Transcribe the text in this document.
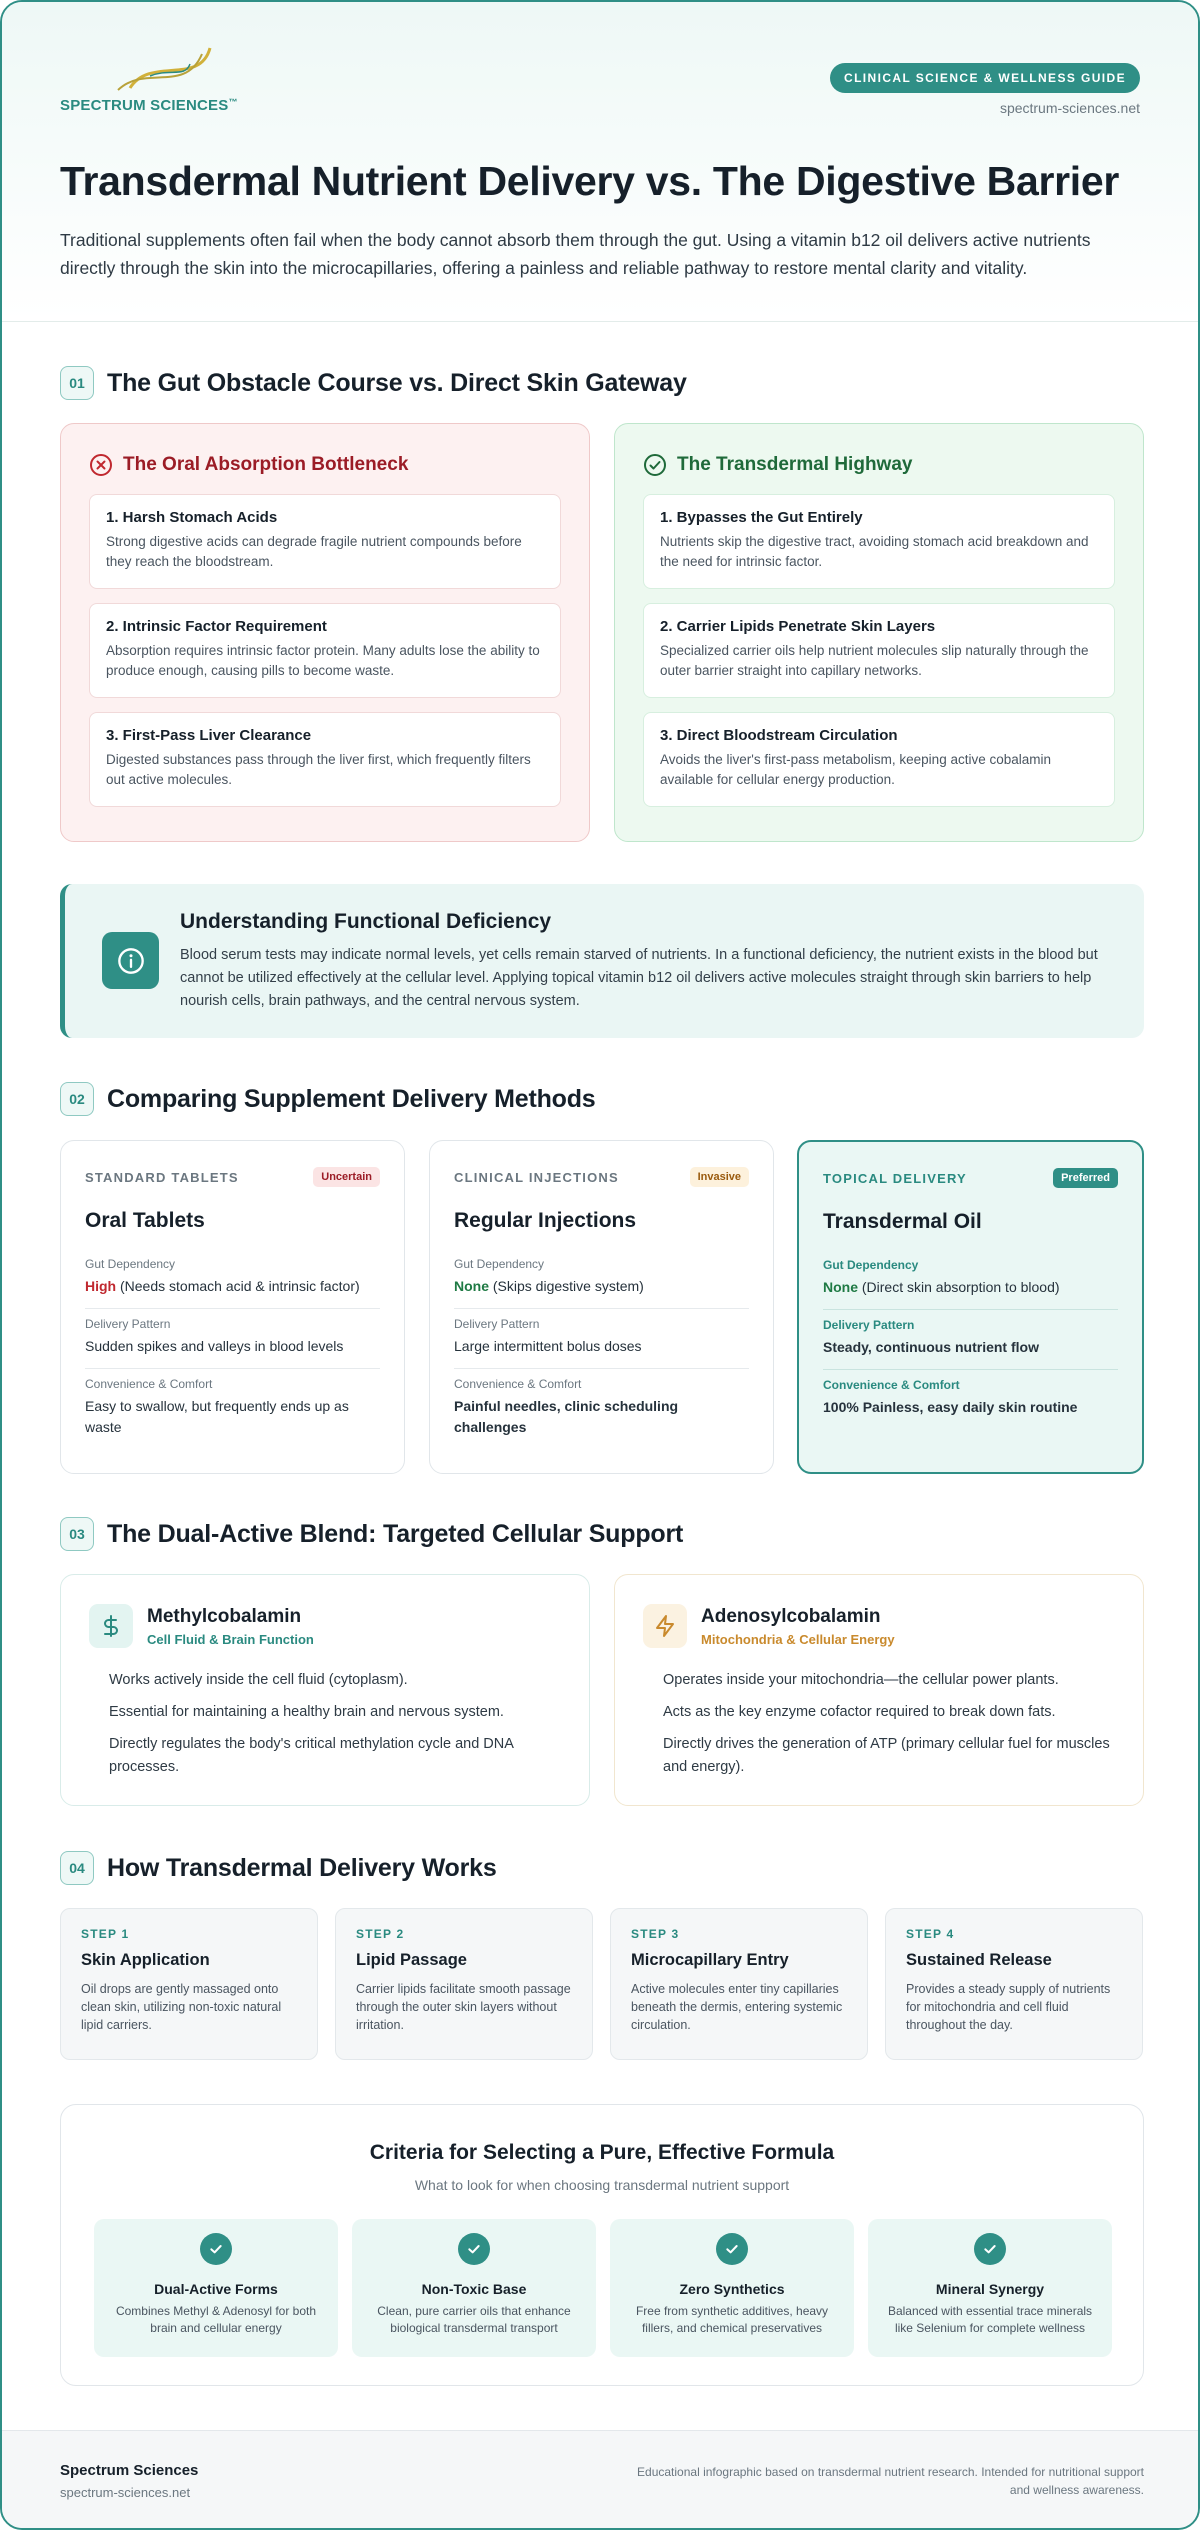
SPECTRUM SCIENCES™
CLINICAL SCIENCE & WELLNESS GUIDE
spectrum-sciences.net
Transdermal Nutrient Delivery vs. The Digestive Barrier

Traditional supplements often fail when the body cannot absorb them through the gut. Using a vitamin b12 oil delivers active nutrients directly through the skin into the microcapillaries, offering a painless and reliable pathway to restore mental clarity and vitality.

01 The Gut Obstacle Course vs. Direct Skin Gateway
The Oral Absorption Bottleneck
1. Harsh Stomach Acids

Strong digestive acids can degrade fragile nutrient compounds before they reach the bloodstream.

2. Intrinsic Factor Requirement

Absorption requires intrinsic factor protein. Many adults lose the ability to produce enough, causing pills to become waste.

3. First-Pass Liver Clearance

Digested substances pass through the liver first, which frequently filters out active molecules.

The Transdermal Highway
1. Bypasses the Gut Entirely

Nutrients skip the digestive tract, avoiding stomach acid breakdown and the need for intrinsic factor.

2. Carrier Lipids Penetrate Skin Layers

Specialized carrier oils help nutrient molecules slip naturally through the outer barrier straight into capillary networks.

3. Direct Bloodstream Circulation

Avoids the liver's first-pass metabolism, keeping active cobalamin available for cellular energy production.

Understanding Functional Deficiency

Blood serum tests may indicate normal levels, yet cells remain starved of nutrients. In a functional deficiency, the nutrient exists in the blood but cannot be utilized effectively at the cellular level. Applying topical vitamin b12 oil delivers active molecules straight through skin barriers to help nourish cells, brain pathways, and the central nervous system.

02 Comparing Supplement Delivery Methods
STANDARD TABLETS	Uncertain
Oral Tablets
Gut Dependency
High (Needs stomach acid & intrinsic factor)
Delivery Pattern
Sudden spikes and valleys in blood levels
Convenience & Comfort
Easy to swallow, but frequently ends up as waste
CLINICAL INJECTIONS	Invasive
Regular Injections
Gut Dependency
None (Skips digestive system)
Delivery Pattern
Large intermittent bolus doses
Convenience & Comfort
Painful needles, clinic scheduling challenges
TOPICAL DELIVERY	Preferred
Transdermal Oil
Gut Dependency
None (Direct skin absorption to blood)
Delivery Pattern
Steady, continuous nutrient flow
Convenience & Comfort
100% Painless, easy daily skin routine
03 The Dual-Active Blend: Targeted Cellular Support
Methylcobalamin
Cell Fluid & Brain Function
Works actively inside the cell fluid (cytoplasm).
Essential for maintaining a healthy brain and nervous system.
Directly regulates the body's critical methylation cycle and DNA processes.
Adenosylcobalamin
Mitochondria & Cellular Energy
Operates inside your mitochondria—the cellular power plants.
Acts as the key enzyme cofactor required to break down fats.
Directly drives the generation of ATP (primary cellular fuel for muscles and energy).
04 How Transdermal Delivery Works
STEP 1
Skin Application

Oil drops are gently massaged onto clean skin, utilizing non-toxic natural lipid carriers.

STEP 2
Lipid Passage

Carrier lipids facilitate smooth passage through the outer skin layers without irritation.

STEP 3
Microcapillary Entry

Active molecules enter tiny capillaries beneath the dermis, entering systemic circulation.

STEP 4
Sustained Release

Provides a steady supply of nutrients for mitochondria and cell fluid throughout the day.

Criteria for Selecting a Pure, Effective Formula
What to look for when choosing transdermal nutrient support
Dual-Active Forms

Combines Methyl & Adenosyl for both brain and cellular energy

Non-Toxic Base

Clean, pure carrier oils that enhance biological transdermal transport

Zero Synthetics

Free from synthetic additives, heavy fillers, and chemical preservatives

Mineral Synergy

Balanced with essential trace minerals like Selenium for complete wellness

Spectrum Sciences
spectrum-sciences.net
Educational infographic based on transdermal nutrient research. Intended for nutritional support and wellness awareness.
